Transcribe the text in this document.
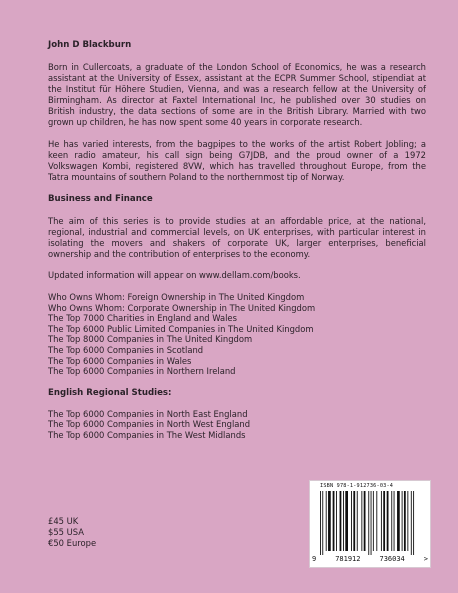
John D Blackburn

Born in Cullercoats, a graduate of the London School of Economics, he was a research assistant at the University of Essex, assistant at the ECPR Summer School, stipendiat at the Institut für Höhere Studien, Vienna, and was a research fellow at the University of Birmingham. As director at Faxtel International Inc, he published over 30 studies on British industry, the data sections of some are in the British Library. Married with two grown up children, he has now spent some 40 years in corporate research.

He has varied interests, from the bagpipes to the works of the artist Robert Jobling; a keen radio amateur, his call sign being G7JDB, and the proud owner of a 1972 Volkswagen Kombi, registered 8VW, which has travelled throughout Europe, from the Tatra mountains of southern Poland to the northernmost tip of Norway.

Business and Finance

The aim of this series is to provide studies at an affordable price, at the national, regional, industrial and commercial levels, on UK enterprises, with particular interest in isolating the movers and shakers of corporate UK, larger enterprises, beneficial ownership and the contribution of enterprises to the economy.

Updated information will appear on www.dellam.com/books.

Who Owns Whom: Foreign Ownership in The United Kingdom
Who Owns Whom: Corporate Ownership in The United Kingdom
The Top 7000 Charities in England and Wales
The Top 6000 Public Limited Companies in The United Kingdom
The Top 8000 Companies in The United Kingdom
The Top 6000 Companies in Scotland
The Top 6000 Companies in Wales
The Top 6000 Companies in Northern Ireland

English Regional Studies:

The Top 6000 Companies in North East England
The Top 6000 Companies in North West England
The Top 6000 Companies in The West Midlands
£45 UK
$55 USA
€50 Europe
ISBN 978-1-912736-03-4
9	781912	736034	>
